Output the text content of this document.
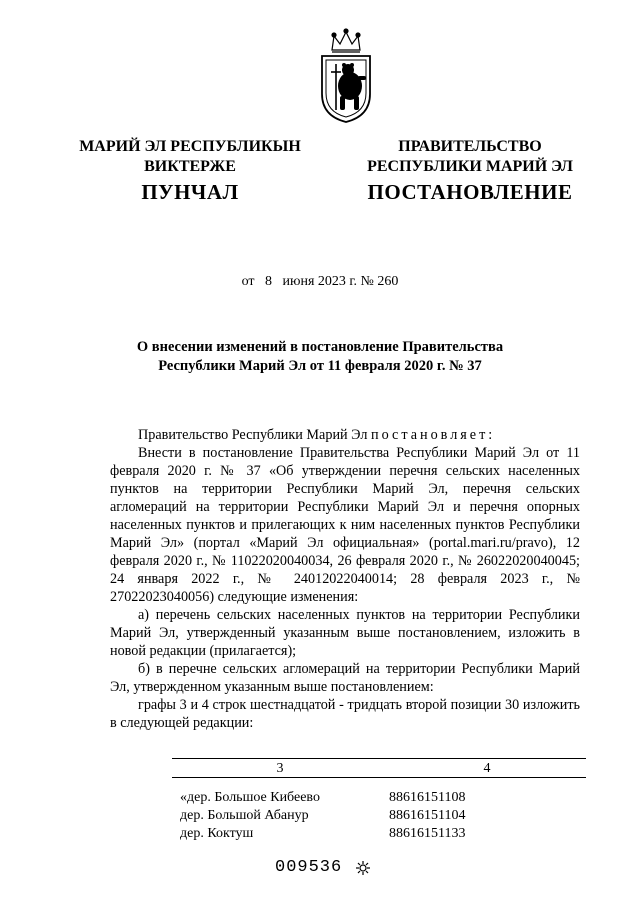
МАРИЙ ЭЛ РЕСПУБЛИКЫН
ВИКТЕРЖЕ
ПУНЧАЛ
ПРАВИТЕЛЬСТВО
РЕСПУБЛИКИ МАРИЙ ЭЛ
ПОСТАНОВЛЕНИЕ
от   8   июня 2023 г. № 260
О внесении изменений в постановление Правительства
Республики Марий Эл от 11 февраля 2020 г. № 37

Правительство Республики Марий Эл постановляет:

Внести в постановление Правительства Республики Марий Эл от 11 февраля 2020 г. № 37 «Об утверждении перечня сельских населенных пунктов на территории Республики Марий Эл, перечня сельских агломераций на территории Республики Марий Эл и перечня опорных населенных пунктов и прилегающих к ним населенных пунктов Республики Марий Эл» (портал «Марий Эл официальная» (portal.mari.ru/pravo), 12 февраля 2020 г., № 11022020040034, 26 февраля 2020 г., № 26022020040045; 24 января 2022 г., № 24012022040014; 28 февраля 2023 г., № 27022023040056) следующие изменения:

а) перечень сельских населенных пунктов на территории Республики Марий Эл, утвержденный указанным выше постановлением, изложить в новой редакции (прилагается);

б) в перечне сельских агломераций на территории Республики Марий Эл, утвержденном указанным выше постановлением:

графы 3 и 4 строк шестнадцатой - тридцать второй позиции 30 изложить в следующей редакции:

3	4
«дер. Большое Кибеево	88616151108
дер. Большой Абанур	88616151104
дер. Коктуш	88616151133
009536
